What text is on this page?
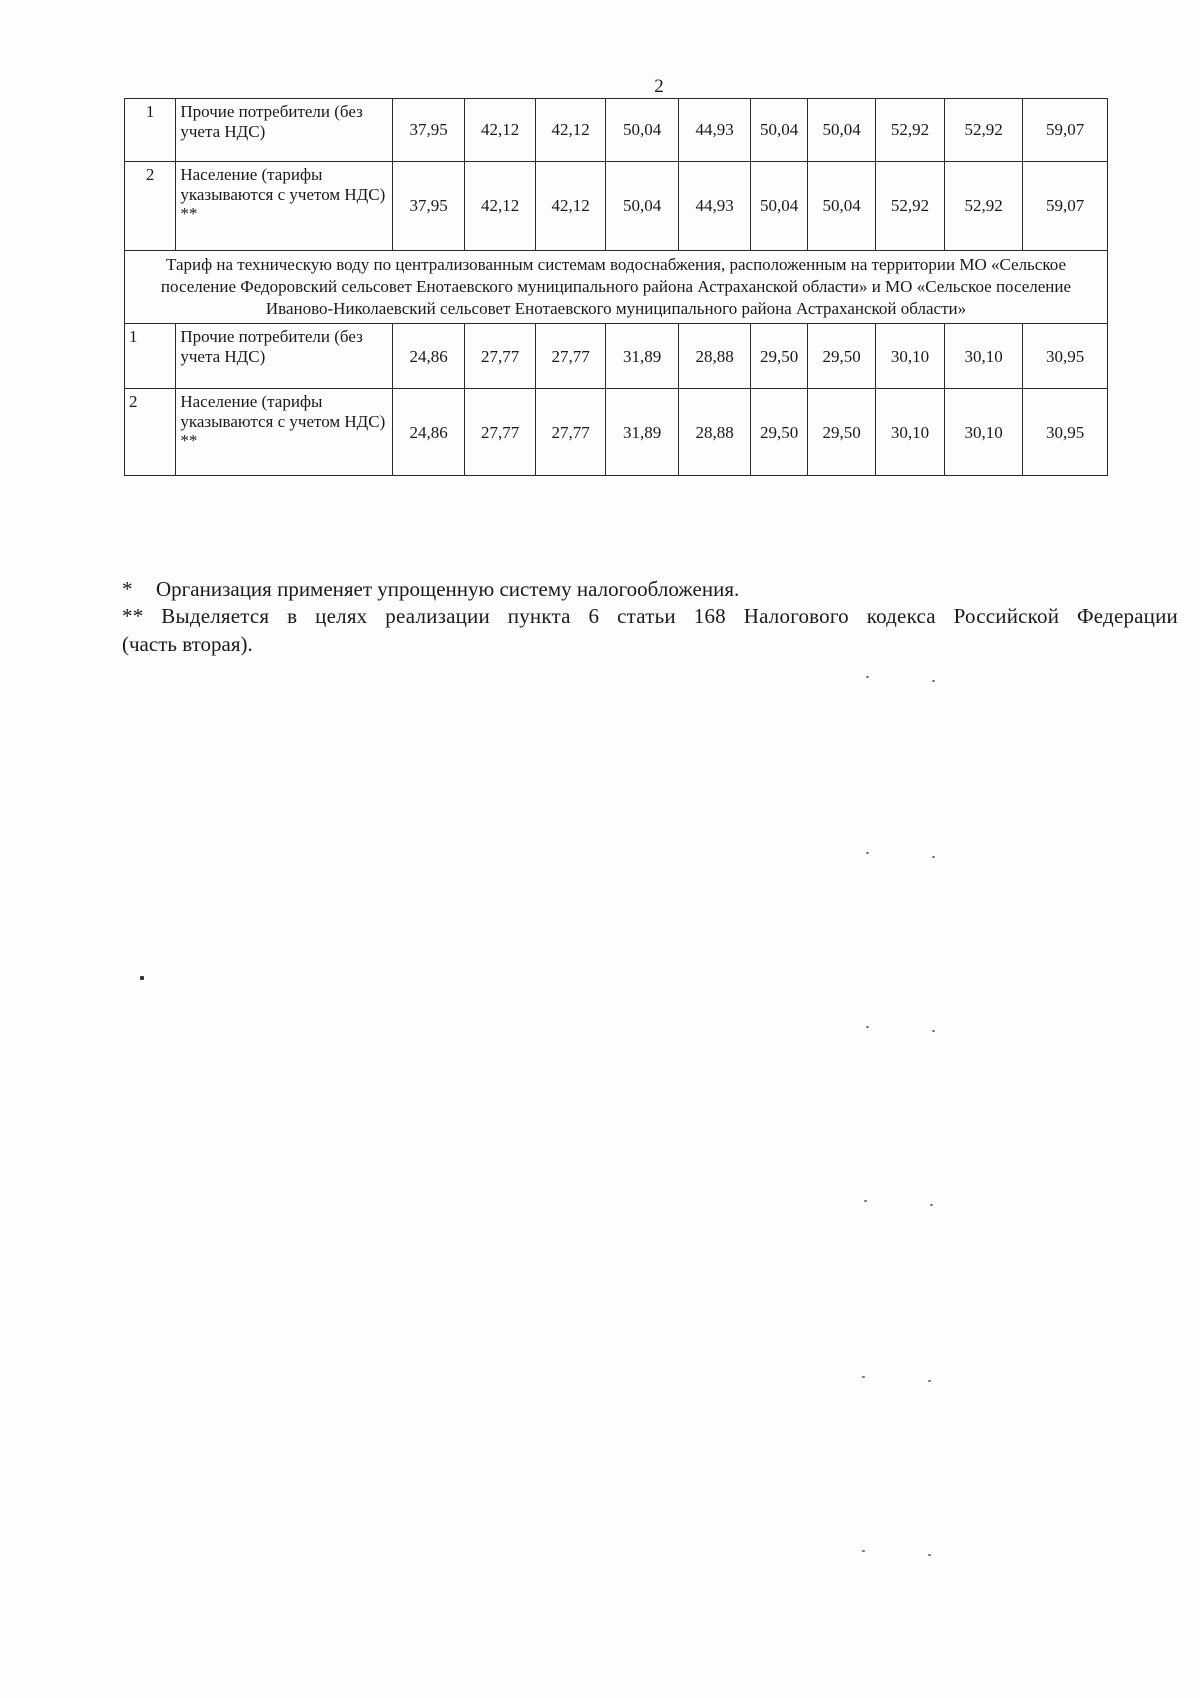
2
1	Прочие потребители (без учета НДС)	37,95	42,12	42,12	50,04	44,93	50,04	50,04	52,92	52,92	59,07
2	Население (тарифы указываются с учетом НДС) **	37,95	42,12	42,12	50,04	44,93	50,04	50,04	52,92	52,92	59,07
Тариф на техническую воду по централизованным системам водоснабжения, расположенным на территории МО «Сельское поселение Федоровский сельсовет Енотаевского муниципального района Астраханской области» и МО «Сельское поселение Иваново-Николаевский сельсовет Енотаевского муниципального района Астраханской области»											
1	Прочие потребители (без учета НДС)	24,86	27,77	27,77	31,89	28,88	29,50	29,50	30,10	30,10	30,95
2	Население (тарифы указываются с учетом НДС) **	24,86	27,77	27,77	31,89	28,88	29,50	29,50	30,10	30,10	30,95

* Организация применяет упрощенную систему налогообложения.

** Выделяется в целях реализации пункта 6 статьи 168 Налогового кодекса Российской Федерации

(часть вторая).
